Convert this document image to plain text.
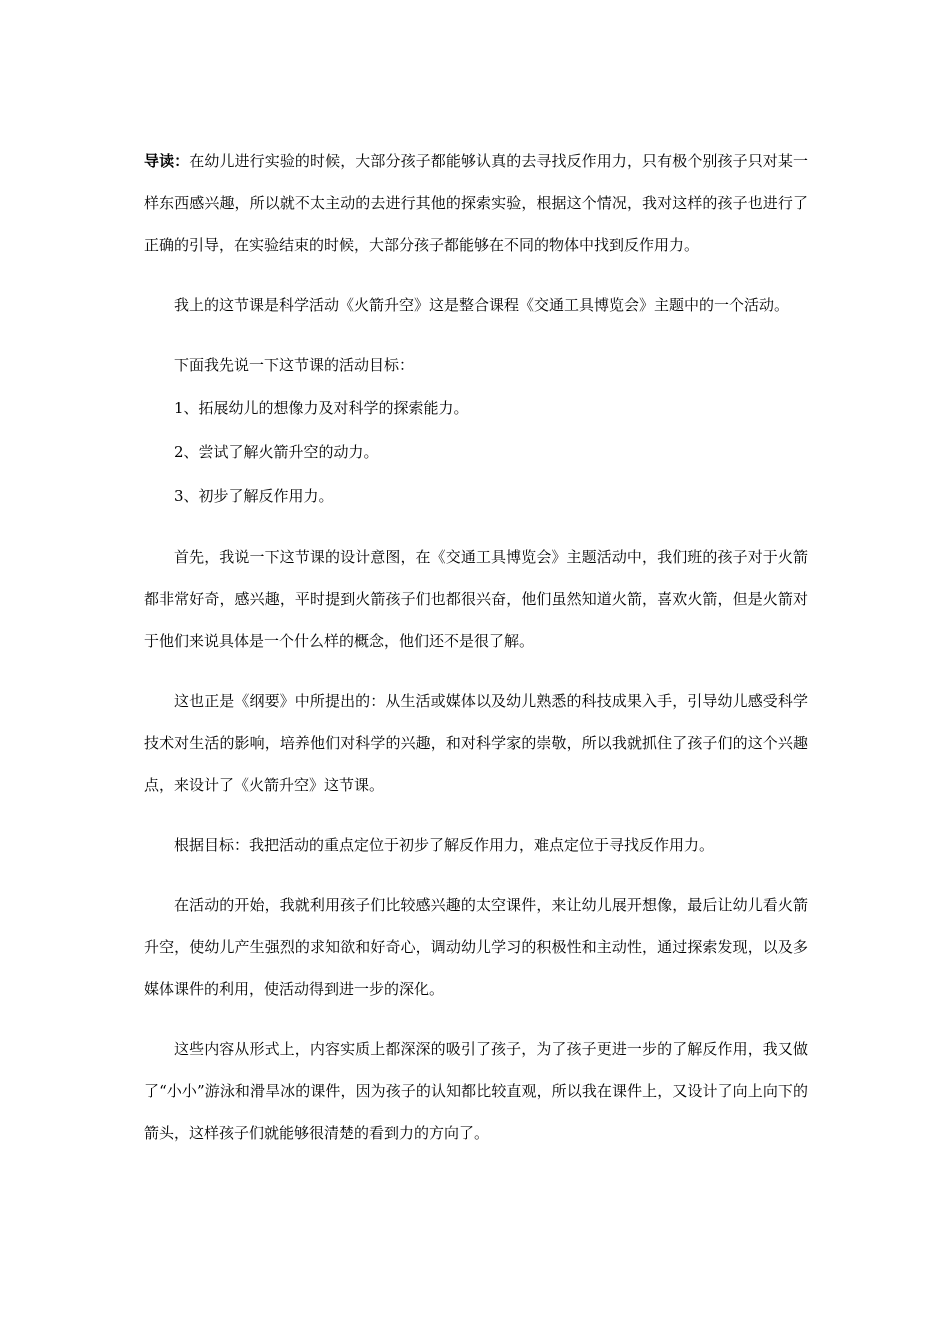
导读：在幼儿进行实验的时候，大部分孩子都能够认真的去寻找反作用力，只有极个别孩子只对某一样东西感兴趣，所以就不太主动的去进行其他的探索实验，根据这个情况，我对这样的孩子也进行了正确的引导，在实验结束的时候，大部分孩子都能够在不同的物体中找到反作用力。

我上的这节课是科学活动《火箭升空》这是整合课程《交通工具博览会》主题中的一个活动。

下面我先说一下这节课的活动目标：

1、拓展幼儿的想像力及对科学的探索能力。

2、尝试了解火箭升空的动力。

3、初步了解反作用力。

首先，我说一下这节课的设计意图，在《交通工具博览会》主题活动中，我们班的孩子对于火箭都非常好奇，感兴趣，平时提到火箭孩子们也都很兴奋，他们虽然知道火箭，喜欢火箭，但是火箭对于他们来说具体是一个什么样的概念，他们还不是很了解。

这也正是《纲要》中所提出的：从生活或媒体以及幼儿熟悉的科技成果入手，引导幼儿感受科学技术对生活的影响，培养他们对科学的兴趣，和对科学家的崇敬，所以我就抓住了孩子们的这个兴趣点，来设计了《火箭升空》这节课。

根据目标：我把活动的重点定位于初步了解反作用力，难点定位于寻找反作用力。

在活动的开始，我就利用孩子们比较感兴趣的太空课件，来让幼儿展开想像，最后让幼儿看火箭升空，使幼儿产生强烈的求知欲和好奇心，调动幼儿学习的积极性和主动性，通过探索发现，以及多媒体课件的利用，使活动得到进一步的深化。

这些内容从形式上，内容实质上都深深的吸引了孩子，为了孩子更进一步的了解反作用，我又做了“小小”游泳和滑旱冰的课件，因为孩子的认知都比较直观，所以我在课件上，又设计了向上向下的箭头，这样孩子们就能够很清楚的看到力的方向了。
